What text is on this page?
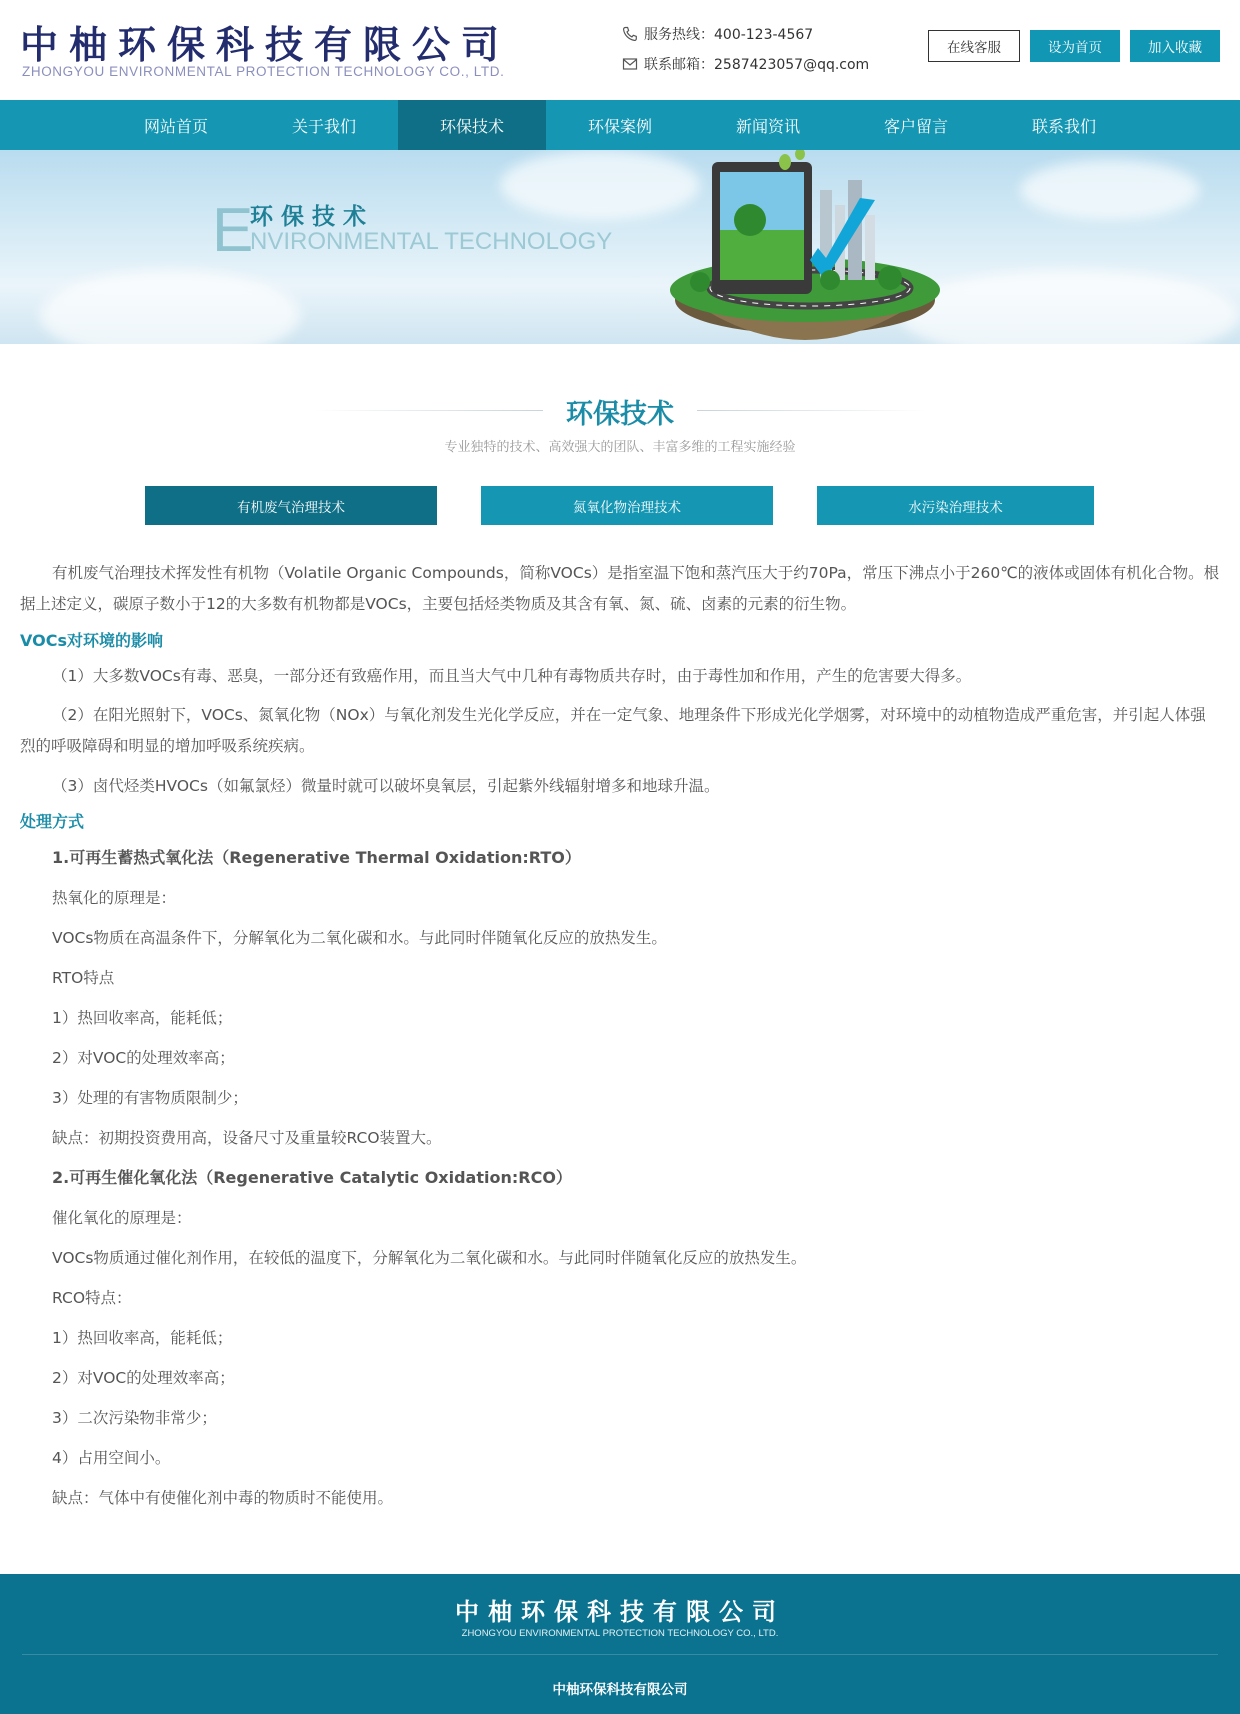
中柚环保科技有限公司
ZHONGYOU ENVIRONMENTAL PROTECTION TECHNOLOGY CO., LTD.
服务热线：400-123-4567
联系邮箱：2587423057@qq.com
在线客服	设为首页	加入收藏
网站首页	关于我们	环保技术	环保案例	新闻资讯	客户留言	联系我们
E
环保技术
NVIRONMENTAL TECHNOLOGY
环保技术
专业独特的技术、高效强大的团队、丰富多维的工程实施经验
有机废气治理技术	氮氧化物治理技术	水污染治理技术
有机废气治理技术挥发性有机物（Volatile Organic Compounds，简称VOCs）是指室温下饱和蒸汽压大于约70Pa，常压下沸点小于260℃的液体或固体有机化合物。根据上述定义，碳原子数小于12的大多数有机物都是VOCs，主要包括烃类物质及其含有氧、氮、硫、卤素的元素的衍生物。
VOCs对环境的影响
（1）大多数VOCs有毒、恶臭，一部分还有致癌作用，而且当大气中几种有毒物质共存时，由于毒性加和作用，产生的危害要大得多。
（2）在阳光照射下，VOCs、氮氧化物（NOx）与氧化剂发生光化学反应，并在一定气象、地理条件下形成光化学烟雾，对环境中的动植物造成严重危害，并引起人体强烈的呼吸障碍和明显的增加呼吸系统疾病。
（3）卤代烃类HVOCs（如氟氯烃）微量时就可以破坏臭氧层，引起紫外线辐射增多和地球升温。
处理方式
1.可再生蓄热式氧化法（Regenerative Thermal Oxidation:RTO）
热氧化的原理是：
VOCs物质在高温条件下，分解氧化为二氧化碳和水。与此同时伴随氧化反应的放热发生。
RTO特点
1）热回收率高，能耗低；
2）对VOC的处理效率高；
3）处理的有害物质限制少；
缺点：初期投资费用高，设备尺寸及重量较RCO装置大。
2.可再生催化氧化法（Regenerative Catalytic Oxidation:RCO）
催化氧化的原理是：
VOCs物质通过催化剂作用，在较低的温度下，分解氧化为二氧化碳和水。与此同时伴随氧化反应的放热发生。
RCO特点：
1）热回收率高，能耗低；
2）对VOC的处理效率高；
3）二次污染物非常少；
4）占用空间小。
缺点：气体中有使催化剂中毒的物质时不能使用。
中柚环保科技有限公司
ZHONGYOU ENVIRONMENTAL PROTECTION TECHNOLOGY CO., LTD.
中柚环保科技有限公司
